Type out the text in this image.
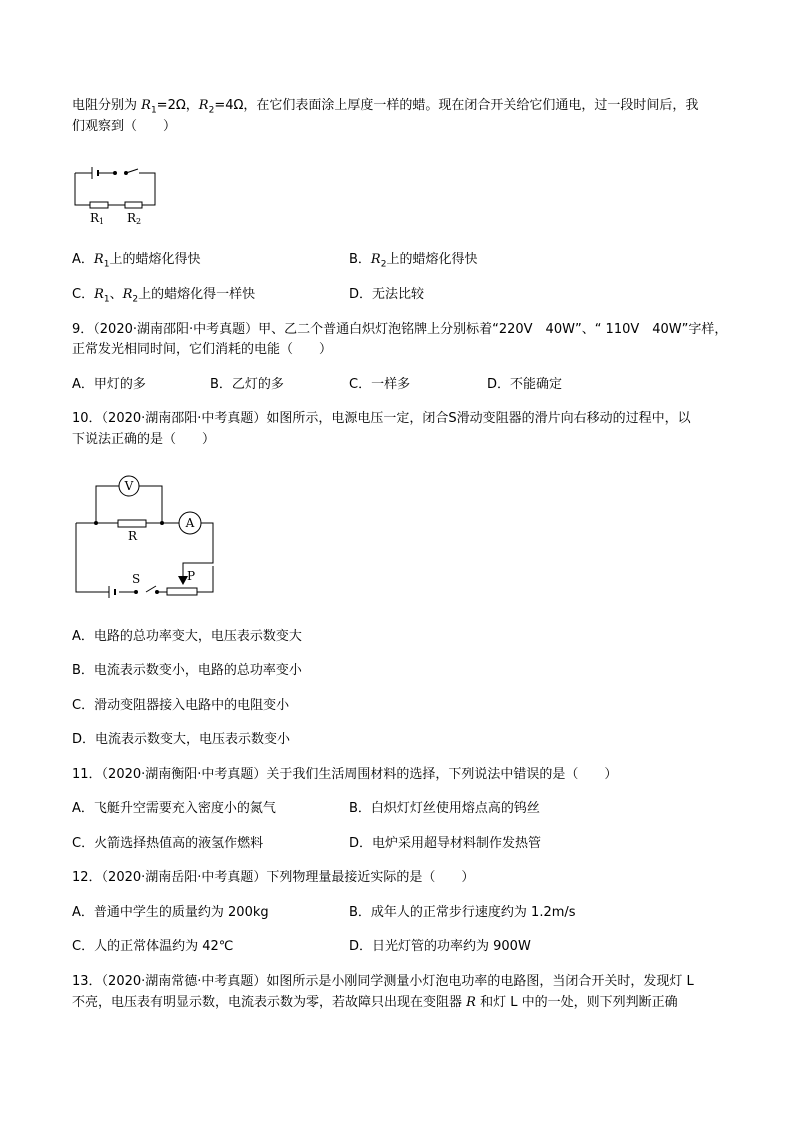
电阻分别为 $R_1=2\Omega$，$R_2=4\Omega$，在它们表面涂上厚度一样的蜡。现在闭合开关给它们通电，过一段时间后，我
们观察到（　　）
R1 R2
A．$R_1$上的蜡熔化得快	B．$R_2$上的蜡熔化得快
C．$R_1$、$R_2$上的蜡熔化得一样快	D．无法比较
9．（2020·湖南邵阳·中考真题）甲、乙二个普通白炽灯泡铭牌上分别标着“220V　40W”、“ 110V　40W”字样，
正常发光相同时间，它们消耗的电能（　　）
A．甲灯的多	B．乙灯的多	C．一样多	D．不能确定
10．（2020·湖南邵阳·中考真题）如图所示，电源电压一定，闭合S滑动变阻器的滑片向右移动的过程中，以
下说法正确的是（　　）
V
A
R
S	P
A．电路的总功率变大，电压表示数变大
B．电流表示数变小，电路的总功率变小
C．滑动变阻器接入电路中的电阻变小
D．电流表示数变大，电压表示数变小
11．（2020·湖南衡阳·中考真题）关于我们生活周围材料的选择，下列说法中错误的是（　　）
A．飞艇升空需要充入密度小的氮气	B．白炽灯灯丝使用熔点高的钨丝
C．火箭选择热值高的液氢作燃料	D．电炉采用超导材料制作发热管
12．（2020·湖南岳阳·中考真题）下列物理量最接近实际的是（　　）
A．普通中学生的质量约为 200kg	B．成年人的正常步行速度约为 1.2m/s
C．人的正常体温约为 42℃	D．日光灯管的功率约为 900W
13．（2020·湖南常德·中考真题）如图所示是小刚同学测量小灯泡电功率的电路图，当闭合开关时，发现灯 L
不亮，电压表有明显示数，电流表示数为零，若故障只出现在变阻器 R 和灯 L 中的一处，则下列判断正确
